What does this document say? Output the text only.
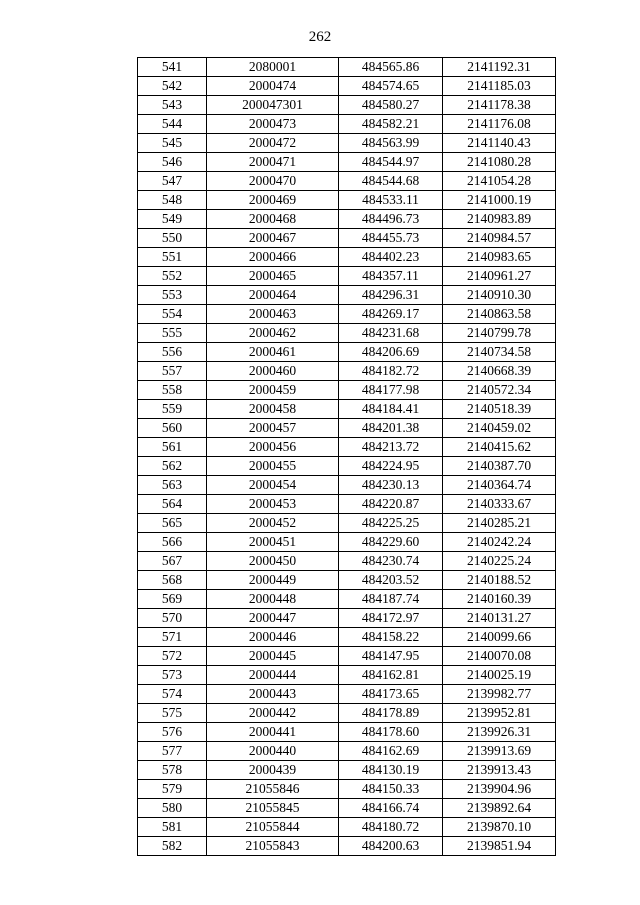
262
541	2080001	484565.86	2141192.31
542	2000474	484574.65	2141185.03
543	200047301	484580.27	2141178.38
544	2000473	484582.21	2141176.08
545	2000472	484563.99	2141140.43
546	2000471	484544.97	2141080.28
547	2000470	484544.68	2141054.28
548	2000469	484533.11	2141000.19
549	2000468	484496.73	2140983.89
550	2000467	484455.73	2140984.57
551	2000466	484402.23	2140983.65
552	2000465	484357.11	2140961.27
553	2000464	484296.31	2140910.30
554	2000463	484269.17	2140863.58
555	2000462	484231.68	2140799.78
556	2000461	484206.69	2140734.58
557	2000460	484182.72	2140668.39
558	2000459	484177.98	2140572.34
559	2000458	484184.41	2140518.39
560	2000457	484201.38	2140459.02
561	2000456	484213.72	2140415.62
562	2000455	484224.95	2140387.70
563	2000454	484230.13	2140364.74
564	2000453	484220.87	2140333.67
565	2000452	484225.25	2140285.21
566	2000451	484229.60	2140242.24
567	2000450	484230.74	2140225.24
568	2000449	484203.52	2140188.52
569	2000448	484187.74	2140160.39
570	2000447	484172.97	2140131.27
571	2000446	484158.22	2140099.66
572	2000445	484147.95	2140070.08
573	2000444	484162.81	2140025.19
574	2000443	484173.65	2139982.77
575	2000442	484178.89	2139952.81
576	2000441	484178.60	2139926.31
577	2000440	484162.69	2139913.69
578	2000439	484130.19	2139913.43
579	21055846	484150.33	2139904.96
580	21055845	484166.74	2139892.64
581	21055844	484180.72	2139870.10
582	21055843	484200.63	2139851.94
